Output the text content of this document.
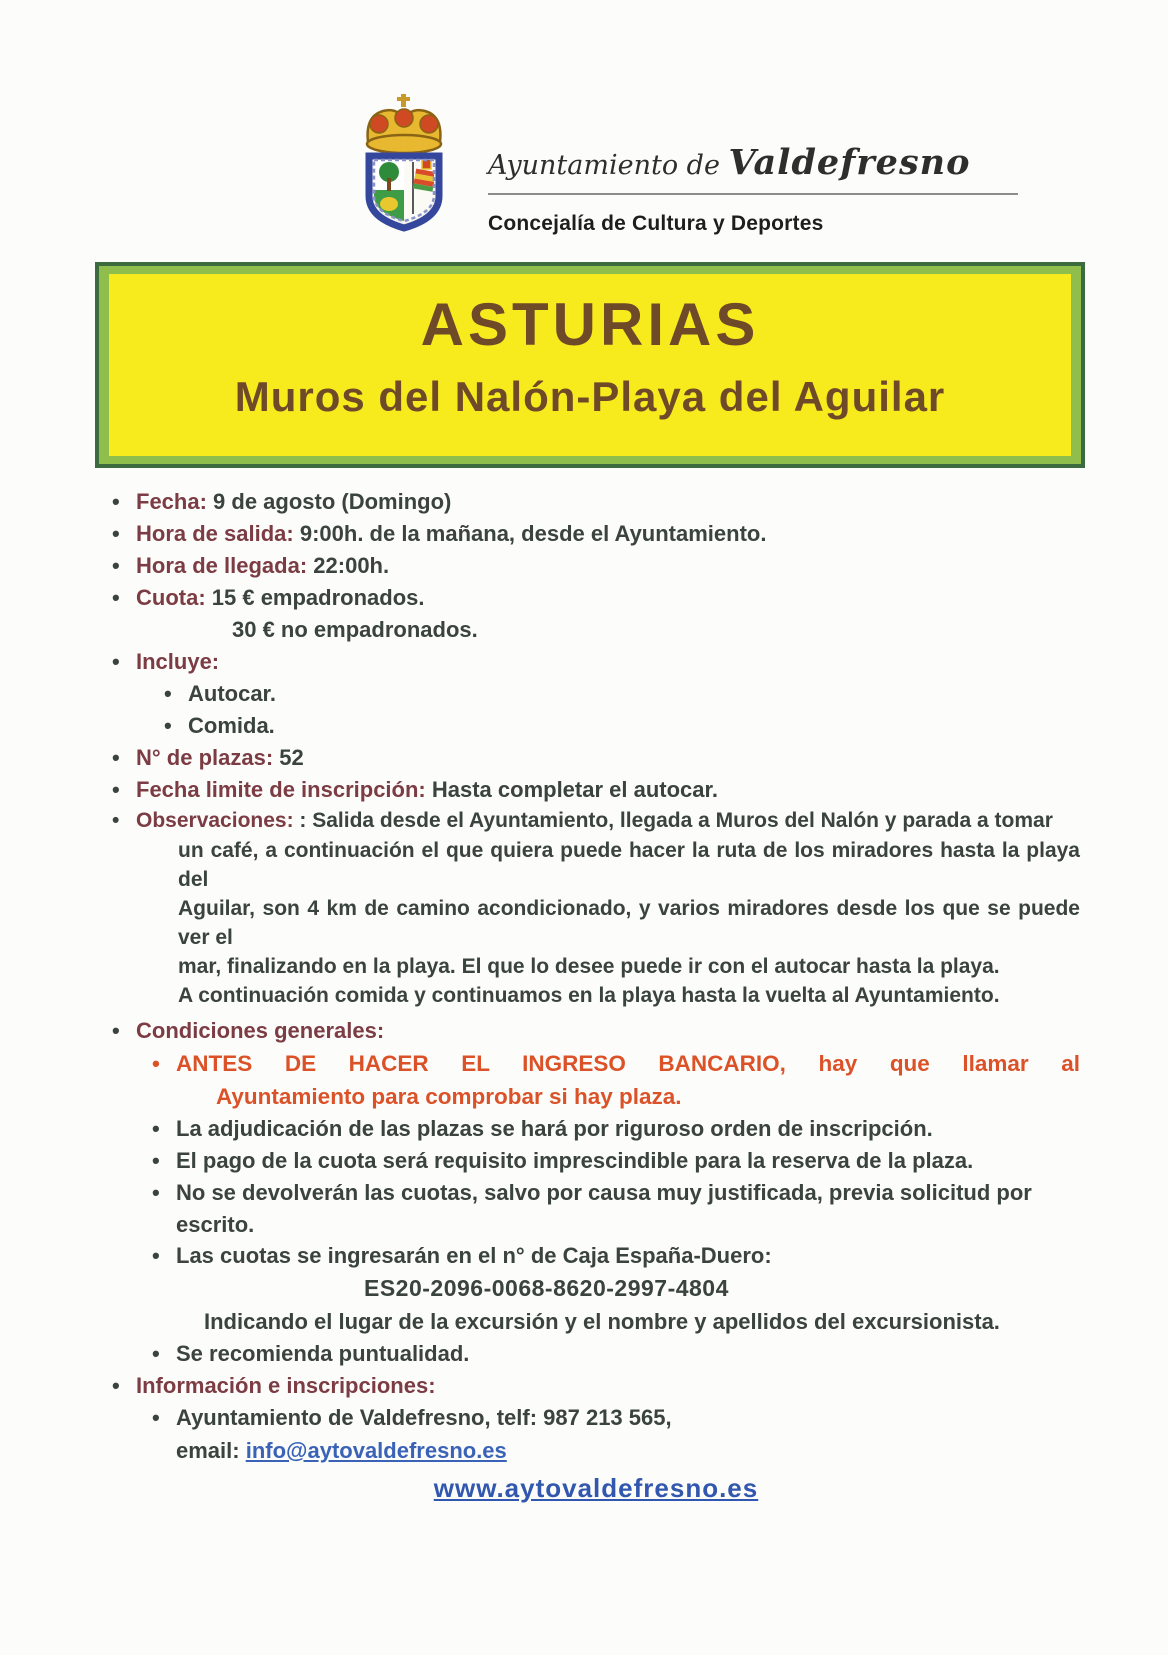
Ayuntamiento de Valdefresno
Concejalía de Cultura y Deportes
ASTURIAS
Muros del Nalón-Playa del Aguilar
• Fecha: 9 de agosto (Domingo)
• Hora de salida: 9:00h. de la mañana, desde el Ayuntamiento.
• Hora de llegada: 22:00h.
• Cuota: 15 € empadronados.
30 € no empadronados.
• Incluye:
• Autocar.
• Comida.
• N° de plazas: 52
• Fecha limite de inscripción: Hasta completar el autocar.
• Observaciones: : Salida desde el Ayuntamiento, llegada a Muros del Nalón y parada a tomar
un café, a continuación el que quiera puede hacer la ruta de los miradores hasta la playa del
Aguilar, son 4 km de camino acondicionado, y varios miradores desde los que se puede ver el
mar, finalizando en la playa. El que lo desee puede ir con el autocar hasta la playa.
A continuación comida y continuamos en la playa hasta la vuelta al Ayuntamiento.
• Condiciones generales:
• ANTES DE HACER EL INGRESO BANCARIO, hay que llamar al
Ayuntamiento para comprobar si hay plaza.
• La adjudicación de las plazas se hará por riguroso orden de inscripción.
• El pago de la cuota será requisito imprescindible para la reserva de la plaza.
• No se devolverán las cuotas, salvo por causa muy justificada, previa solicitud por
escrito.
• Las cuotas se ingresarán en el n° de Caja España-Duero:
ES20-2096-0068-8620-2997-4804
Indicando el lugar de la excursión y el nombre y apellidos del excursionista.
• Se recomienda puntualidad.
• Información e inscripciones:
• Ayuntamiento de Valdefresno, telf: 987 213 565,
email: info@aytovaldefresno.es
www.aytovaldefresno.es
